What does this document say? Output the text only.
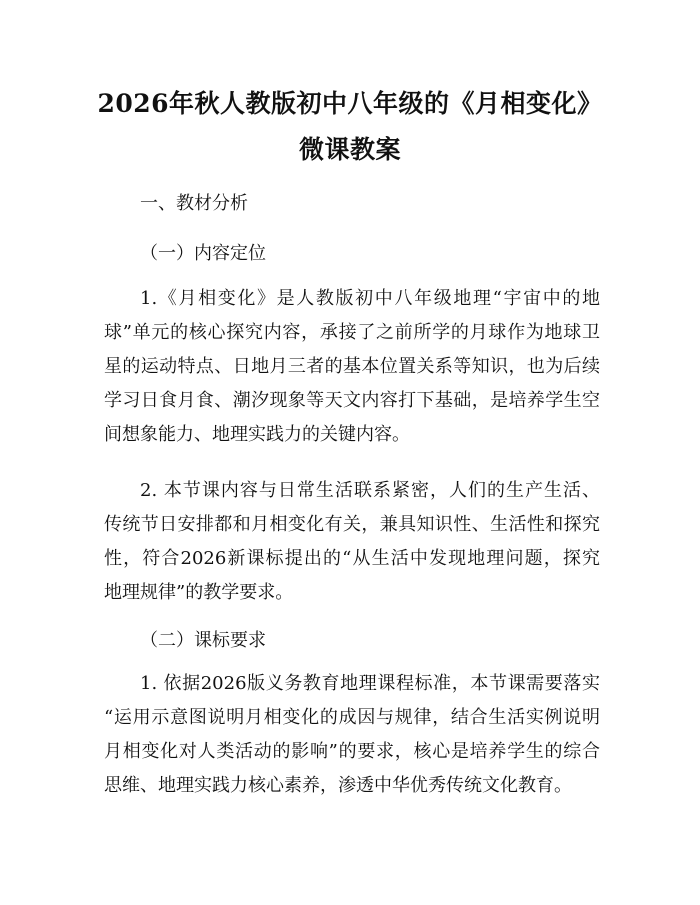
2026年秋人教版初中八年级的《月相变化》
微课教案
一、教材分析
（一）内容定位
1.《月相变化》是人教版初中八年级地理“宇宙中的地
球”单元的核心探究内容，承接了之前所学的月球作为地球卫
星的运动特点、日地月三者的基本位置关系等知识，也为后续
学习日食月食、潮汐现象等天文内容打下基础，是培养学生空
间想象能力、地理实践力的关键内容。
2. 本节课内容与日常生活联系紧密，人们的生产生活、
传统节日安排都和月相变化有关，兼具知识性、生活性和探究
性，符合2026新课标提出的“从生活中发现地理问题，探究
地理规律”的教学要求。
（二）课标要求
1. 依据2026版义务教育地理课程标准，本节课需要落实
“运用示意图说明月相变化的成因与规律，结合生活实例说明
月相变化对人类活动的影响”的要求，核心是培养学生的综合
思维、地理实践力核心素养，渗透中华优秀传统文化教育。
